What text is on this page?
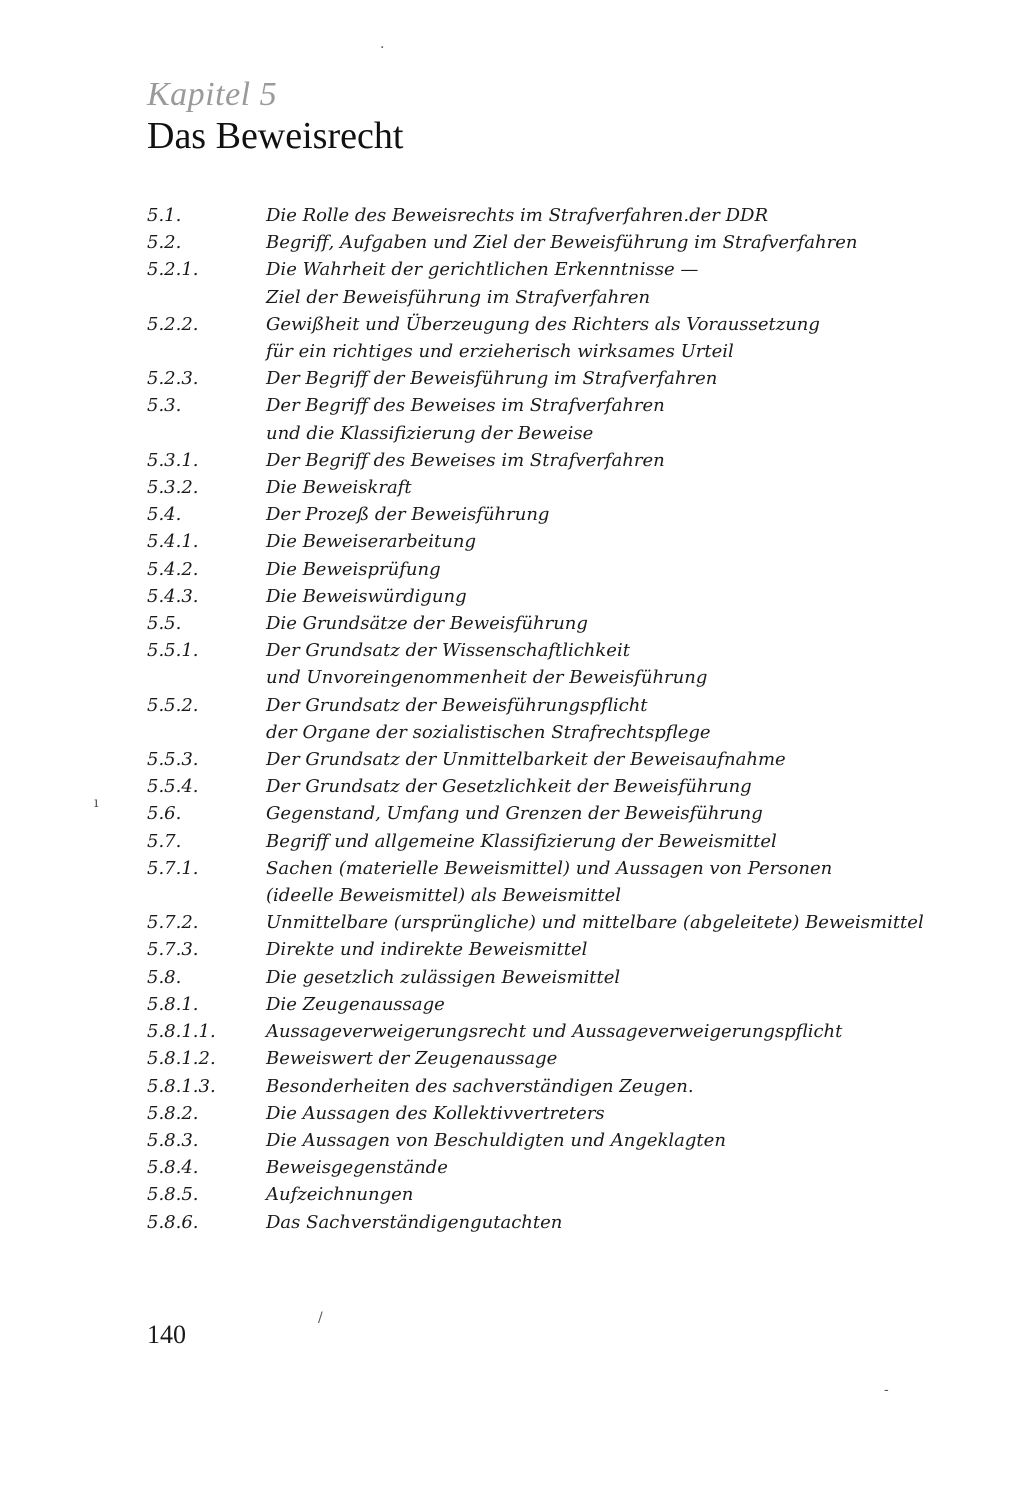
Kapitel 5
Das Beweisrecht
5.1.	Die Rolle des Beweisrechts im Strafverfahren.der DDR
5.2.	Begriff, Aufgaben und Ziel der Beweisführung im Strafverfahren
5.2.1.	Die Wahrheit der gerichtlichen Erkenntnisse —
Ziel der Beweisführung im Strafverfahren
5.2.2.	Gewißheit und Überzeugung des Richters als Voraussetzung
für ein richtiges und erzieherisch wirksames Urteil
5.2.3.	Der Begriff der Beweisführung im Strafverfahren
5.3.	Der Begriff des Beweises im Strafverfahren
und die Klassifizierung der Beweise
5.3.1.	Der Begriff des Beweises im Strafverfahren
5.3.2.	Die Beweiskraft
5.4.	Der Prozeß der Beweisführung
5.4.1.	Die Beweiserarbeitung
5.4.2.	Die Beweisprüfung
5.4.3.	Die Beweiswürdigung
5.5.	Die Grundsätze der Beweisführung
5.5.1.	Der Grundsatz der Wissenschaftlichkeit
und Unvoreingenommenheit der Beweisführung
5.5.2.	Der Grundsatz der Beweisführungspflicht
der Organe der sozialistischen Strafrechtspflege
5.5.3.	Der Grundsatz der Unmittelbarkeit der Beweisaufnahme
5.5.4.	Der Grundsatz der Gesetzlichkeit der Beweisführung
5.6.	Gegenstand, Umfang und Grenzen der Beweisführung
5.7.	Begriff und allgemeine Klassifizierung der Beweismittel
5.7.1.	Sachen (materielle Beweismittel) und Aussagen von Personen
(ideelle Beweismittel) als Beweismittel
5.7.2.	Unmittelbare (ursprüngliche) und mittelbare (abgeleitete) Beweismittel
5.7.3.	Direkte und indirekte Beweismittel
5.8.	Die gesetzlich zulässigen Beweismittel
5.8.1.	Die Zeugenaussage
5.8.1.1.	Aussageverweigerungsrecht und Aussageverweigerungspflicht
5.8.1.2.	Beweiswert der Zeugenaussage
5.8.1.3.	Besonderheiten des sachverständigen Zeugen.
5.8.2.	Die Aussagen des Kollektivvertreters
5.8.3.	Die Aussagen von Beschuldigten und Angeklagten
5.8.4.	Beweisgegenstände
5.8.5.	Aufzeichnungen
5.8.6.	Das Sachverständigengutachten
140
·
ı
/
-
